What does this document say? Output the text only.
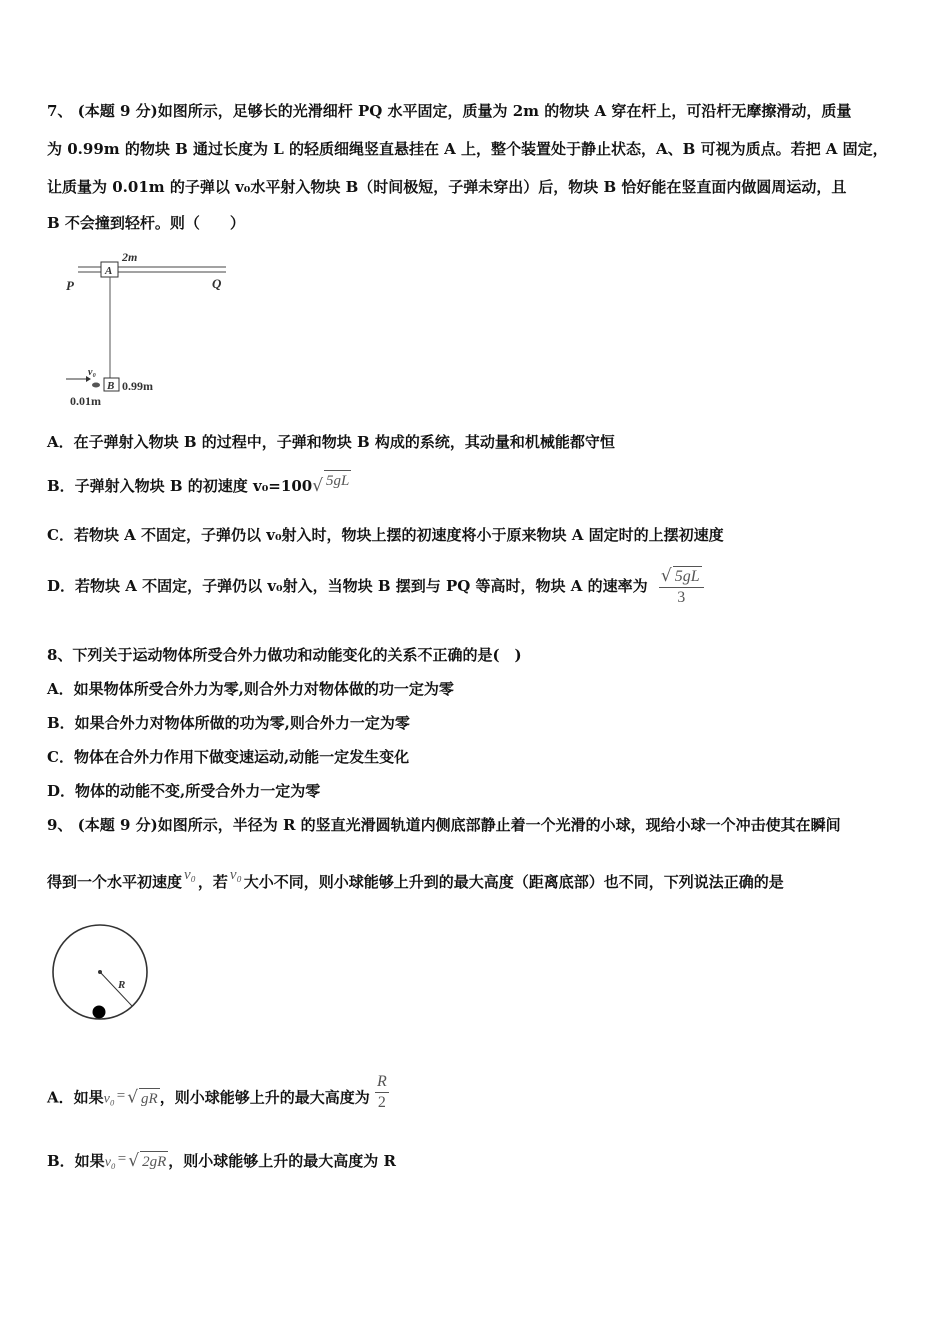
7、 (本题 9 分)如图所示，足够长的光滑细杆 PQ 水平固定，质量为 2m 的物块 A 穿在杆上，可沿杆无摩擦滑动，质量
为 0.99m 的物块 B 通过长度为 L 的轻质细绳竖直悬挂在 A 上，整个装置处于静止状态，A、B 可视为质点。若把 A 固定，
让质量为 0.01m 的子弹以 v₀水平射入物块 B（时间极短，子弹未穿出）后，物块 B 恰好能在竖直面内做圆周运动，且
B 不会撞到轻杆。则（　　）
A
2m
P	Q
B 0.99m
v₀
0.01m
A．在子弹射入物块 B 的过程中，子弹和物块 B 构成的系统，其动量和机械能都守恒
B．子弹射入物块 B 的初速度 v₀=100√ 5gL
C．若物块 A 不固定，子弹仍以 v₀射入时，物块上摆的初速度将小于原来物块 A 固定时的上摆初速度
D．若物块 A 不固定，子弹仍以 v₀射入，当物块 B 摆到与 PQ 等高时，物块 A 的速率为 $\frac{√ 5gL}{3}$
8、下列关于运动物体所受合外力做功和动能变化的关系不正确的是(　)
A．如果物体所受合外力为零,则合外力对物体做的功一定为零
B．如果合外力对物体所做的功为零,则合外力一定为零
C．物体在合外力作用下做变速运动,动能一定发生变化
D．物体的动能不变,所受合外力一定为零
9、 (本题 9 分)如图所示，半径为 R 的竖直光滑圆轨道内侧底部静止着一个光滑的小球，现给小球一个冲击使其在瞬间
得到一个水平初速度 v₀ ，若 v₀ 大小不同，则小球能够上升到的最大高度（距离底部）也不同，下列说法正确的是
R
A．如果v₀ = √ gR ，则小球能够上升的最大高度为 $\frac{R}{2}$
B．如果v₀ = √ 2gR ，则小球能够上升的最大高度为 R
